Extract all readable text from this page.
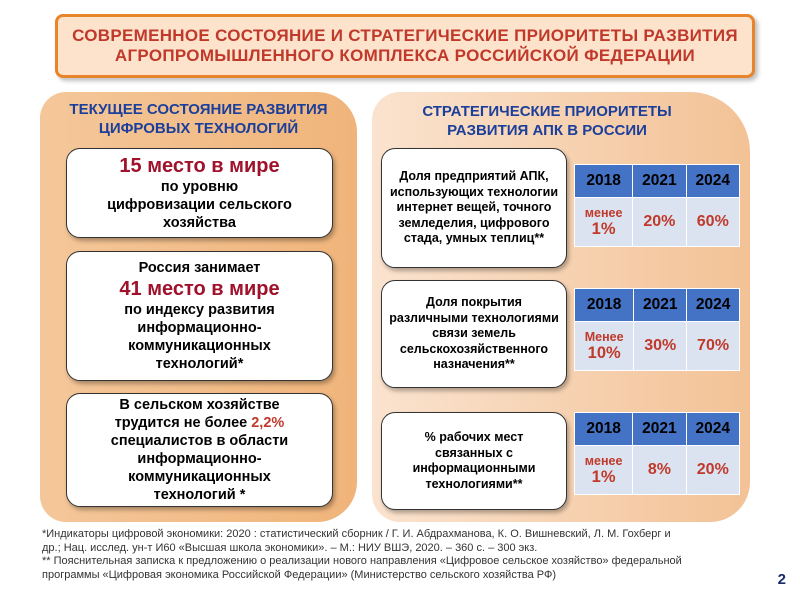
СОВРЕМЕННОЕ СОСТОЯНИЕ И СТРАТЕГИЧЕСКИЕ ПРИОРИТЕТЫ РАЗВИТИЯ
АГРОПРОМЫШЛЕННОГО КОМПЛЕКСА РОССИЙСКОЙ ФЕДЕРАЦИИ
ТЕКУЩЕЕ СОСТОЯНИЕ РАЗВИТИЯ
ЦИФРОВЫХ ТЕХНОЛОГИЙ
15 место в мире
по уровню
цифровизации сельского
хозяйства
Россия занимает
41 место в мире
по индексу развития
информационно-
коммуникационных
технологий*
В сельском хозяйстве
трудится не более 2,2%
специалистов в области
информационно-
коммуникационных
технологий *
СТРАТЕГИЧЕСКИЕ ПРИОРИТЕТЫ
РАЗВИТИЯ АПК В РОССИИ
Доля предприятий АПК,
использующих технологии
интернет вещей, точного
земледелия, цифрового
стада, умных теплиц**
2018	2021	2024

менее
1%	20%	60%
Доля покрытия
различными технологиями
связи земель
сельскохозяйственного
назначения**
2018	2021	2024

Менее
10%	30%	70%
% рабочих мест
связанных с
информационными
технологиями**
2018	2021	2024

менее
1%	8%	20%
*Индикаторы цифровой экономики: 2020 : статистический сборник / Г. И. Абдрахманова, К. О. Вишневский, Л. М. Гохберг и
др.; Нац. исслед. ун-т И60 «Высшая школа экономики». – М.: НИУ ВШЭ, 2020. – 360 с. – 300 экз.
** Пояснительная записка к предложению о реализации нового направления «Цифровое сельское хозяйство» федеральной
программы «Цифровая экономика Российской Федерации» (Министерство сельского хозяйства РФ)	2
